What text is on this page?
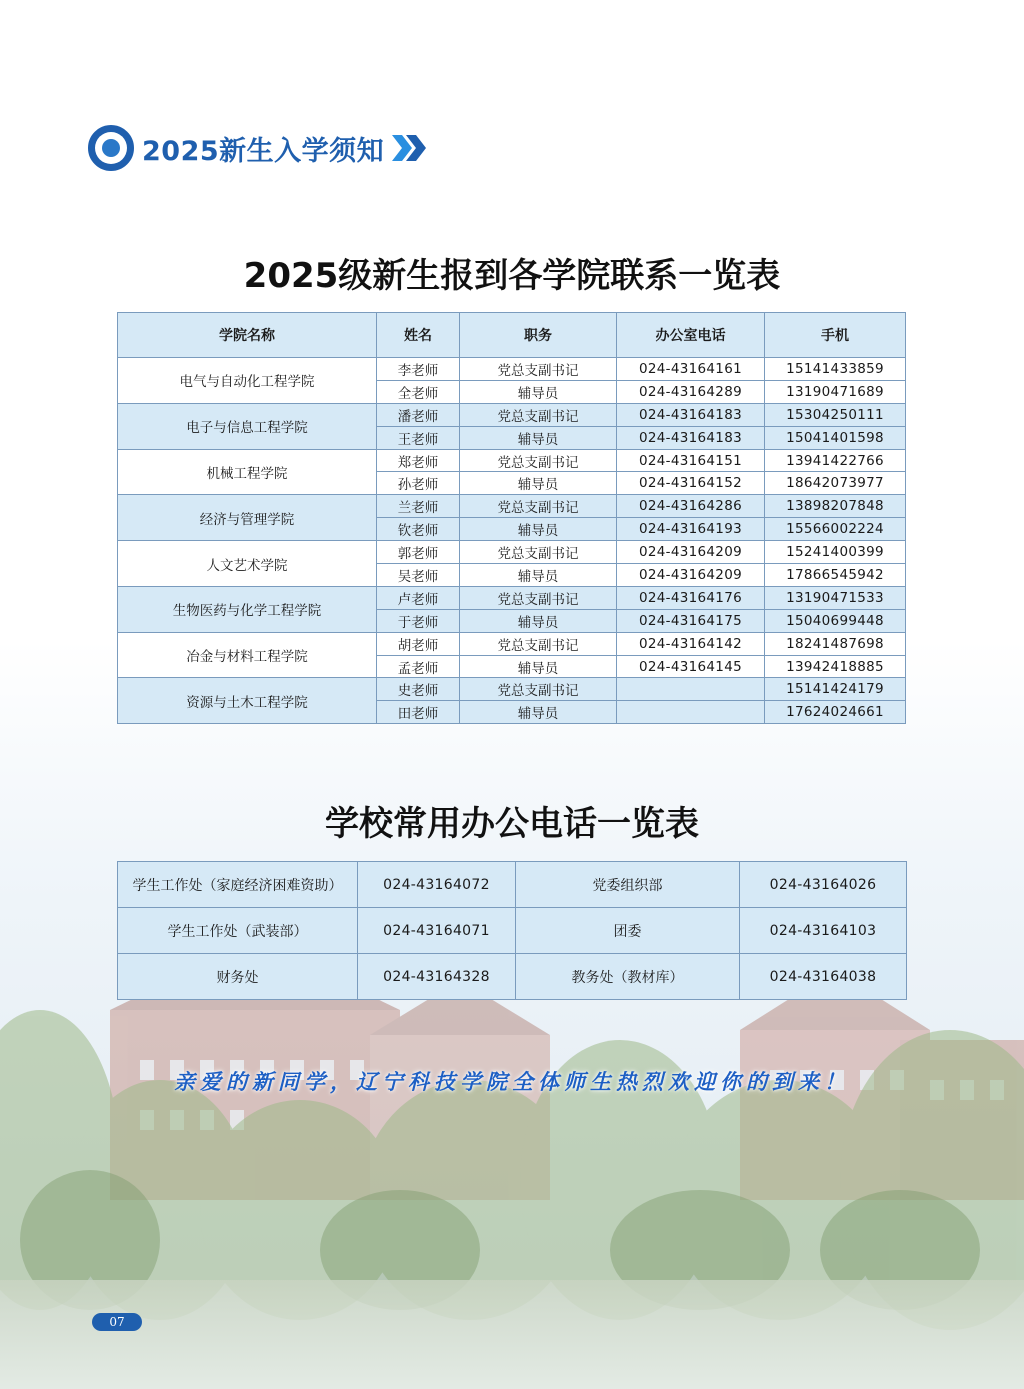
2025新生入学须知
2025级新生报到各学院联系一览表
学院名称	姓名	职务	办公室电话	手机
电气与自动化工程学院	李老师	党总支副书记	024-43164161	15141433859
	全老师	辅导员	024-43164289	13190471689
电子与信息工程学院	潘老师	党总支副书记	024-43164183	15304250111
	王老师	辅导员	024-43164183	15041401598
机械工程学院	郑老师	党总支副书记	024-43164151	13941422766
	孙老师	辅导员	024-43164152	18642073977
经济与管理学院	兰老师	党总支副书记	024-43164286	13898207848
	钦老师	辅导员	024-43164193	15566002224
人文艺术学院	郭老师	党总支副书记	024-43164209	15241400399
	吴老师	辅导员	024-43164209	17866545942
生物医药与化学工程学院	卢老师	党总支副书记	024-43164176	13190471533
	于老师	辅导员	024-43164175	15040699448
冶金与材料工程学院	胡老师	党总支副书记	024-43164142	18241487698
	孟老师	辅导员	024-43164145	13942418885
资源与土木工程学院	史老师	党总支副书记		15141424179
	田老师	辅导员		17624024661
学校常用办公电话一览表
学生工作处（家庭经济困难资助）	024-43164072	党委组织部	024-43164026
学生工作处（武装部）	024-43164071	团委	024-43164103
财务处	024-43164328	教务处（教材库）	024-43164038
亲爱的新同学，辽宁科技学院全体师生热烈欢迎你的到来！
07
